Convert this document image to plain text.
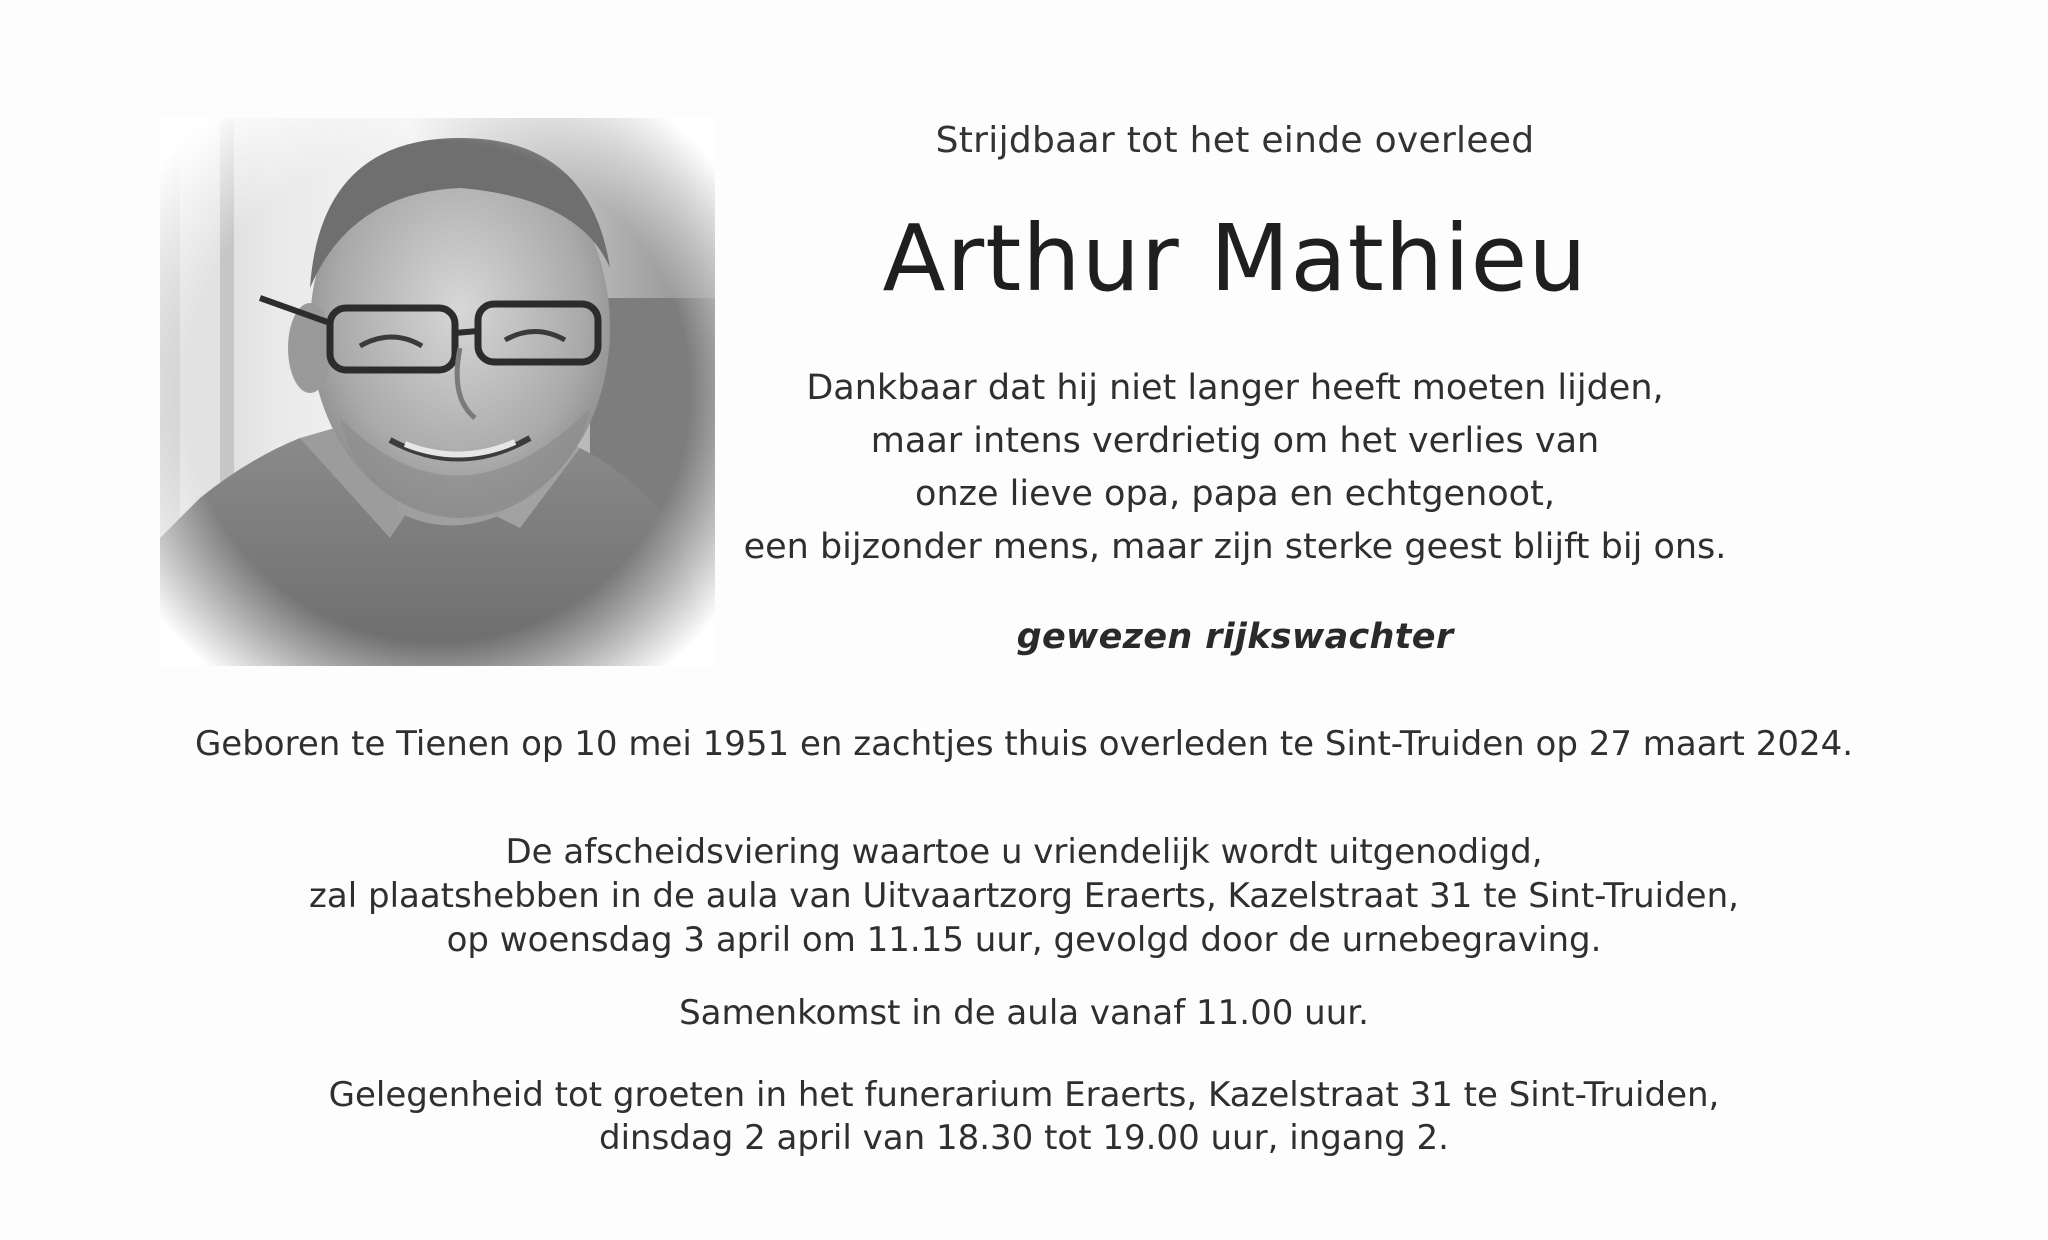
Strijdbaar tot het einde overleed
Arthur Mathieu
Dankbaar dat hij niet langer heeft moeten lijden,
maar intens verdrietig om het verlies van
onze lieve opa, papa en echtgenoot,
een bijzonder mens, maar zijn sterke geest blijft bij ons.
gewezen rijkswachter
Geboren te Tienen op 10 mei 1951 en zachtjes thuis overleden te Sint-Truiden op 27 maart 2024.
De afscheidsviering waartoe u vriendelijk wordt uitgenodigd,
zal plaatshebben in de aula van Uitvaartzorg Eraerts, Kazelstraat 31 te Sint-Truiden,
op woensdag 3 april om 11.15 uur, gevolgd door de urnebegraving.
Samenkomst in de aula vanaf 11.00 uur.
Gelegenheid tot groeten in het funerarium Eraerts, Kazelstraat 31 te Sint-Truiden,
dinsdag 2 april van 18.30 tot 19.00 uur, ingang 2.
